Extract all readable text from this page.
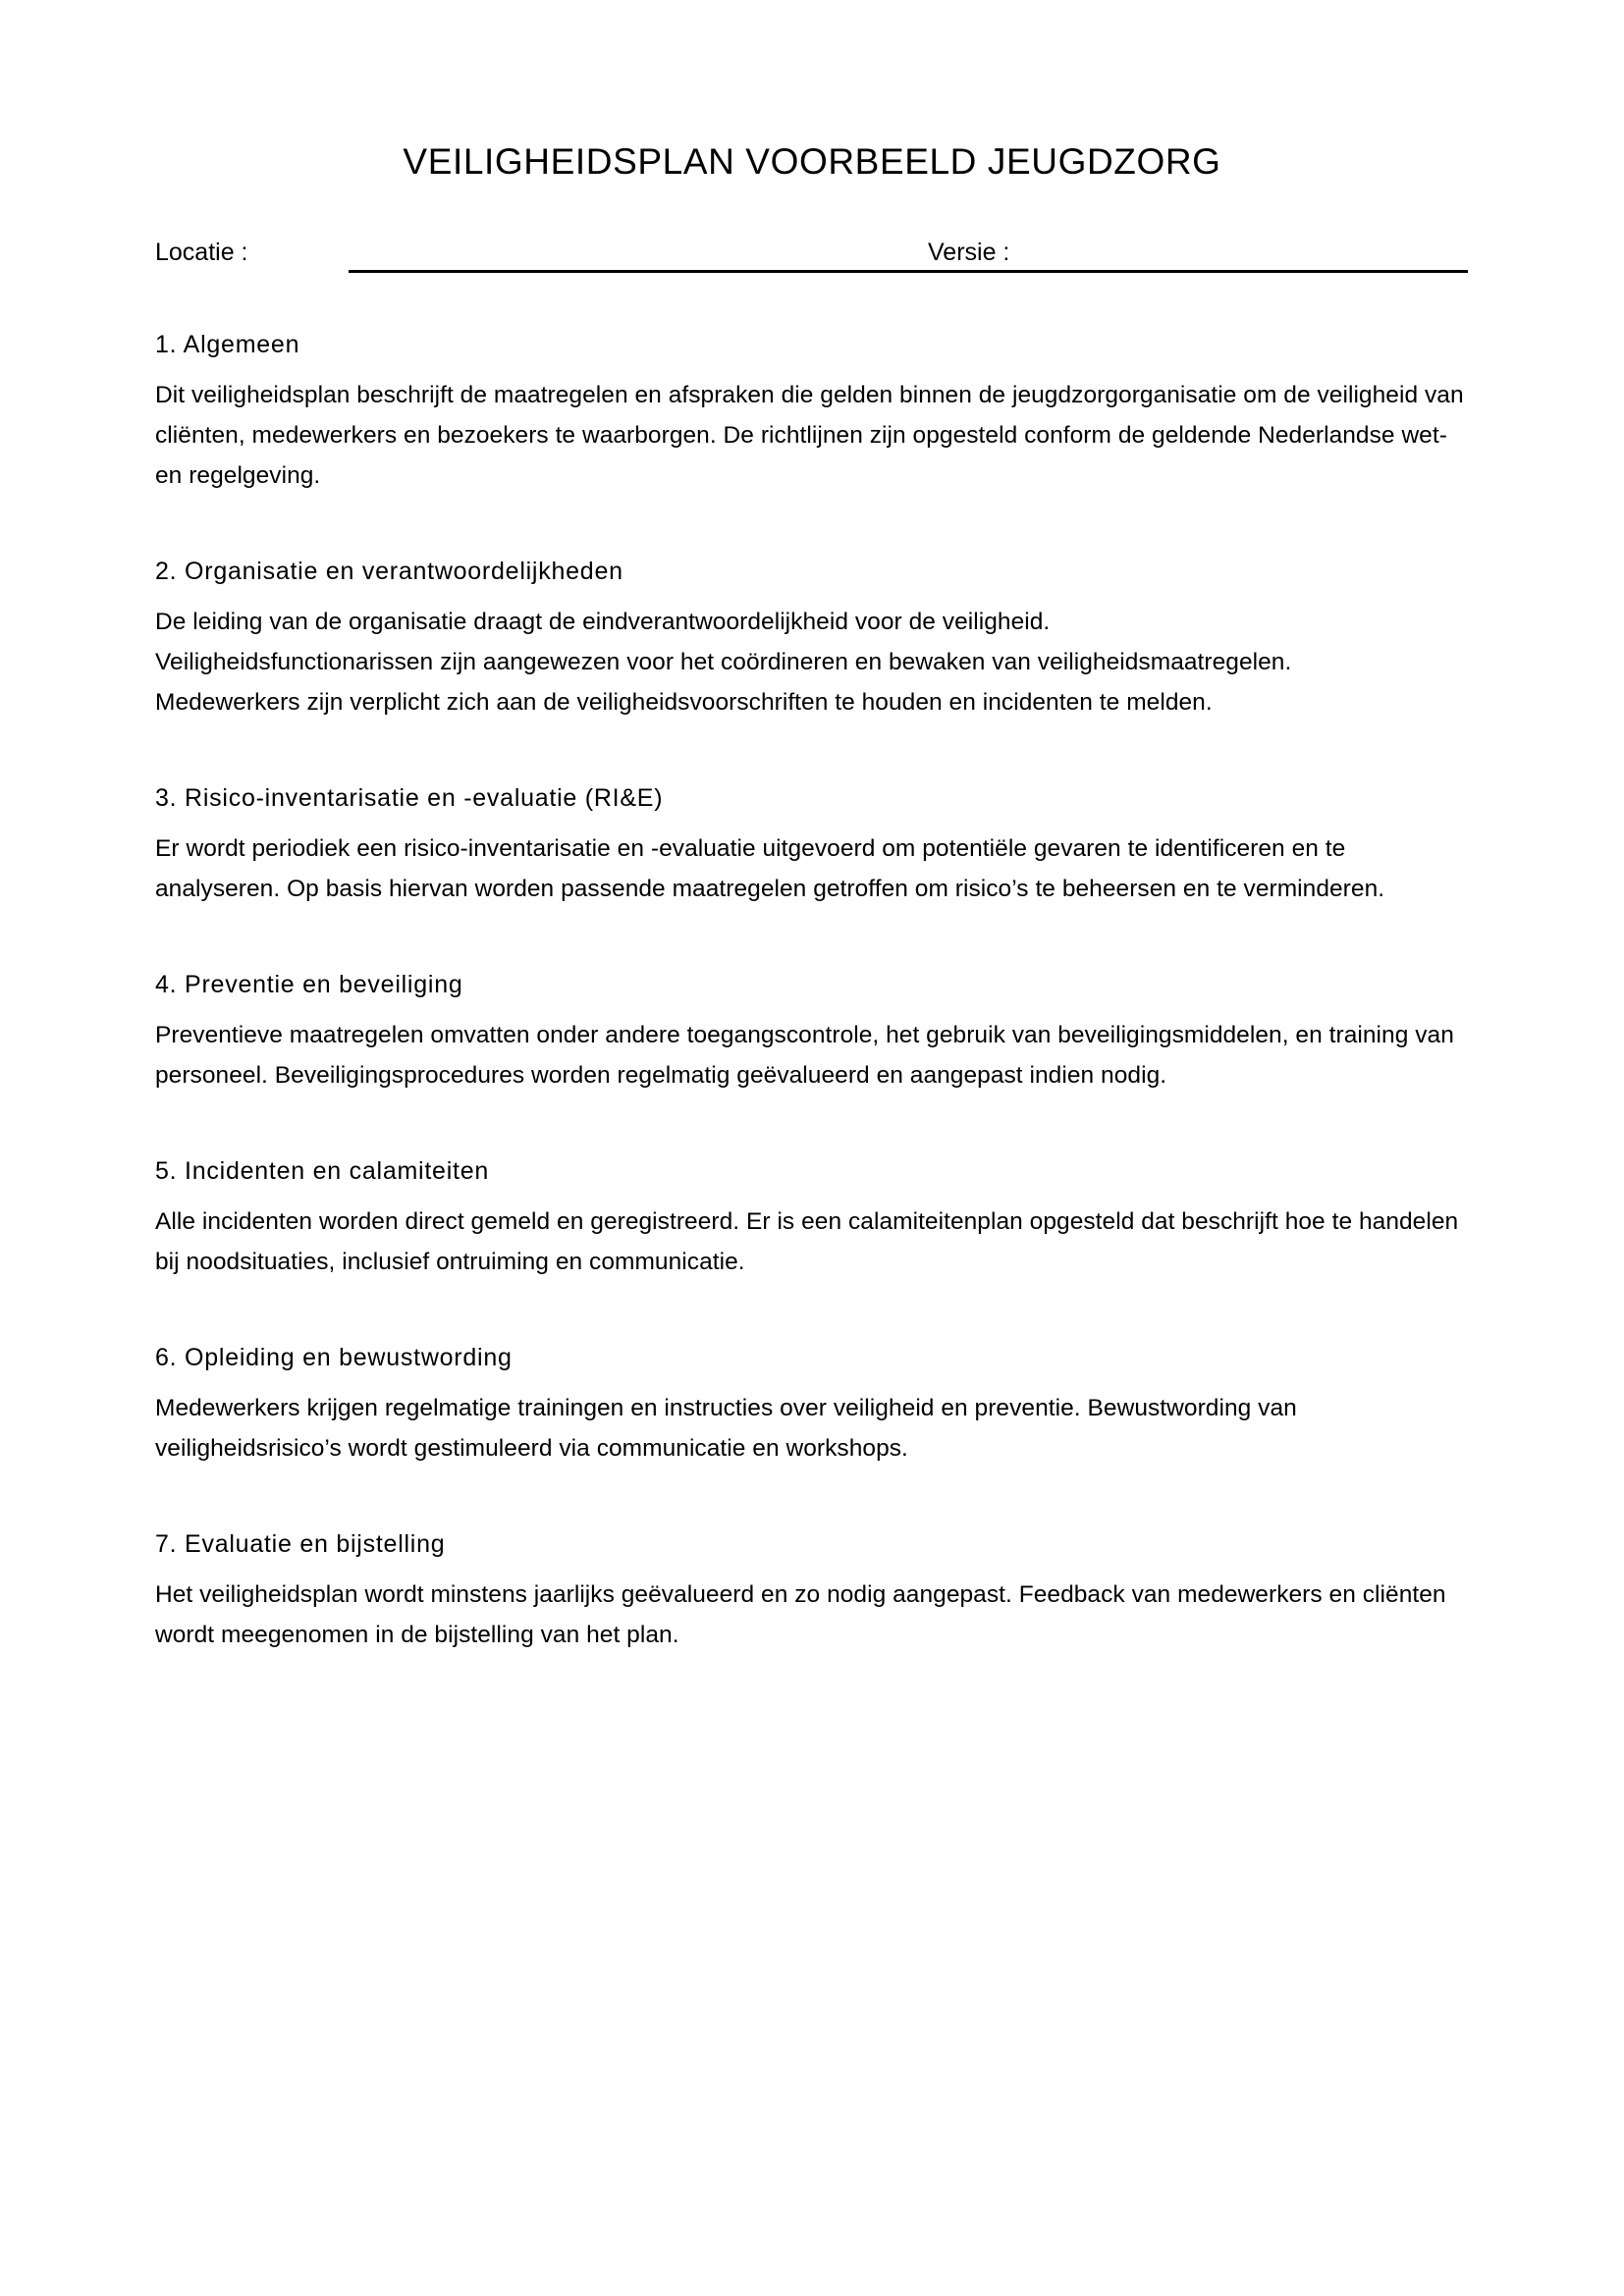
VEILIGHEIDSPLAN VOORBEELD JEUGDZORG
Locatie :	Versie :
1. Algemeen

Dit veiligheidsplan beschrijft de maatregelen en afspraken die gelden binnen de jeugdzorgorganisatie om de veiligheid van cliënten, medewerkers en bezoekers te waarborgen. De richtlijnen zijn opgesteld conform de geldende Nederlandse wet- en regelgeving.

2. Organisatie en verantwoordelijkheden

De leiding van de organisatie draagt de eindverantwoordelijkheid voor de veiligheid.
Veiligheidsfunctionarissen zijn aangewezen voor het coördineren en bewaken van veiligheidsmaatregelen.
Medewerkers zijn verplicht zich aan de veiligheidsvoorschriften te houden en incidenten te melden.

3. Risico-inventarisatie en -evaluatie (RI&E)

Er wordt periodiek een risico-inventarisatie en -evaluatie uitgevoerd om potentiële gevaren te identificeren en te analyseren. Op basis hiervan worden passende maatregelen getroffen om risico’s te beheersen en te verminderen.

4. Preventie en beveiliging

Preventieve maatregelen omvatten onder andere toegangscontrole, het gebruik van beveiligingsmiddelen, en training van personeel. Beveiligingsprocedures worden regelmatig geëvalueerd en aangepast indien nodig.

5. Incidenten en calamiteiten

Alle incidenten worden direct gemeld en geregistreerd. Er is een calamiteitenplan opgesteld dat beschrijft hoe te handelen bij noodsituaties, inclusief ontruiming en communicatie.

6. Opleiding en bewustwording

Medewerkers krijgen regelmatige trainingen en instructies over veiligheid en preventie. Bewustwording van veiligheidsrisico’s wordt gestimuleerd via communicatie en workshops.

7. Evaluatie en bijstelling

Het veiligheidsplan wordt minstens jaarlijks geëvalueerd en zo nodig aangepast. Feedback van medewerkers en cliënten wordt meegenomen in de bijstelling van het plan.
